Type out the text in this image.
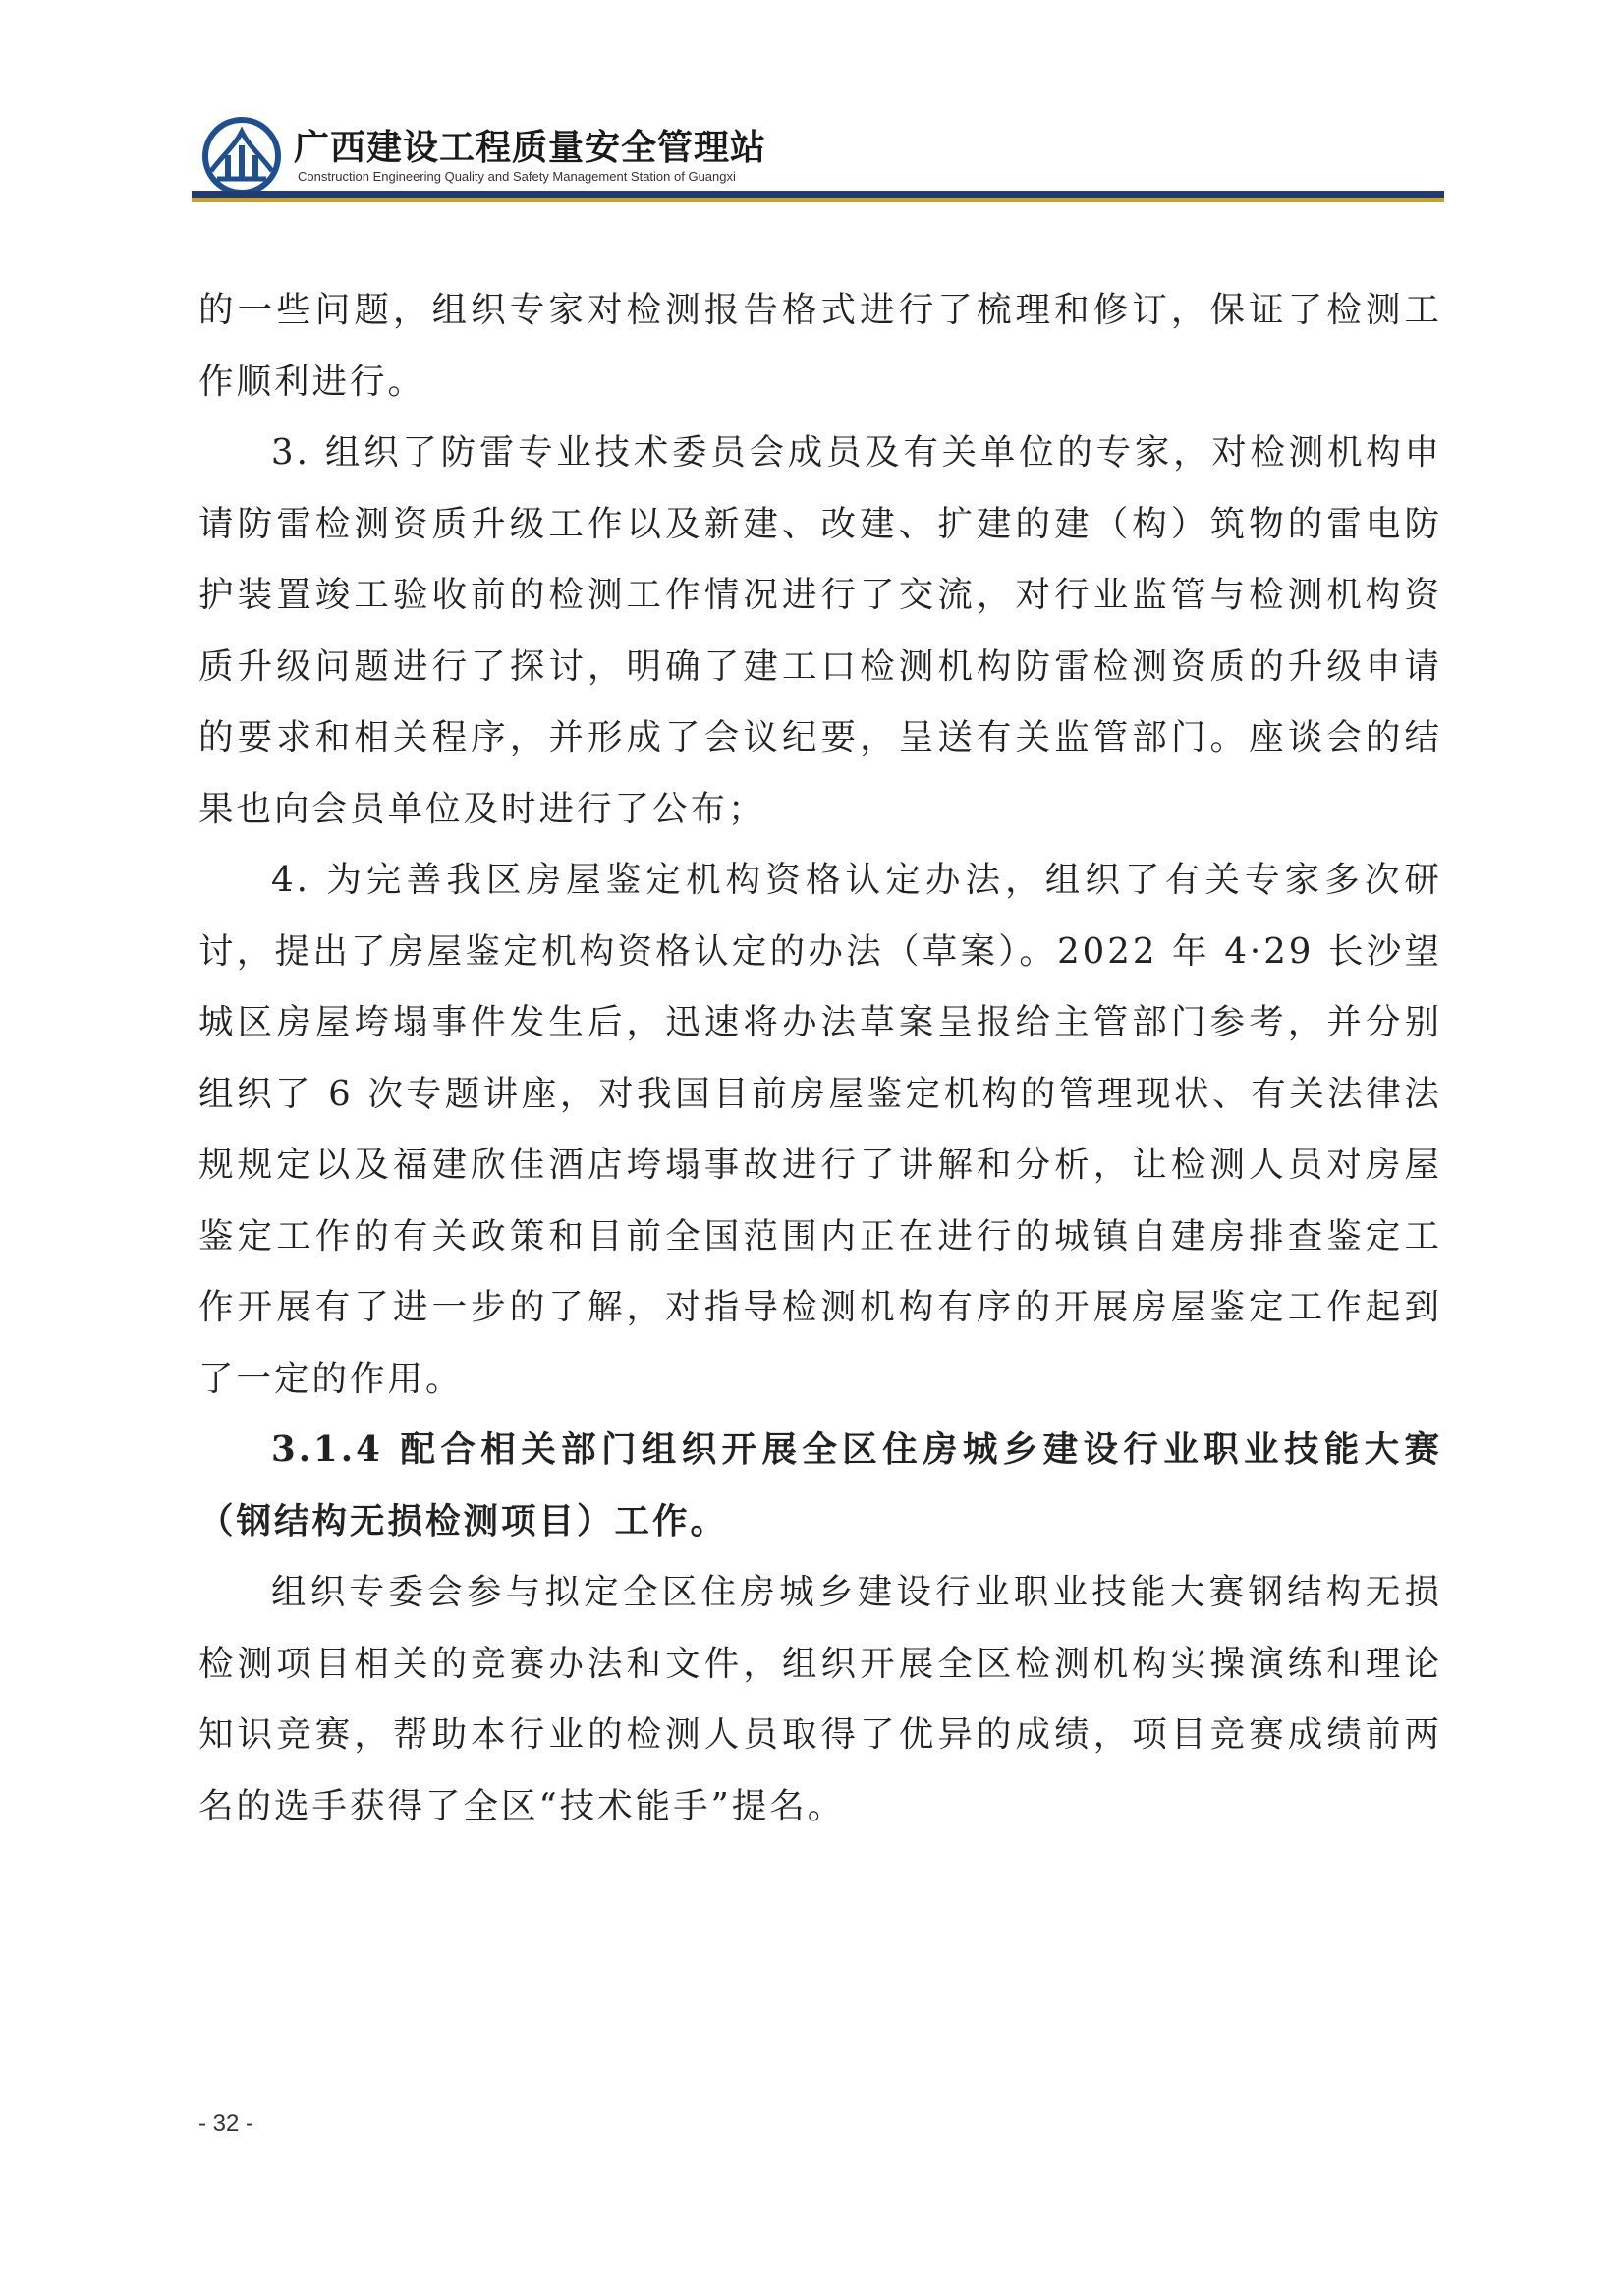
广西建设工程质量安全管理站
Construction Engineering Quality and Safety Management Station of Guangxi

的一些问题，组织专家对检测报告格式进行了梳理和修订，保证了检测工作顺利进行。

3. 组织了防雷专业技术委员会成员及有关单位的专家，对检测机构申请防雷检测资质升级工作以及新建、改建、扩建的建（构）筑物的雷电防护装置竣工验收前的检测工作情况进行了交流，对行业监管与检测机构资质升级问题进行了探讨，明确了建工口检测机构防雷检测资质的升级申请的要求和相关程序，并形成了会议纪要，呈送有关监管部门。座谈会的结果也向会员单位及时进行了公布；

4. 为完善我区房屋鉴定机构资格认定办法，组织了有关专家多次研讨，提出了房屋鉴定机构资格认定的办法（草案）。2022 年 4·29 长沙望城区房屋垮塌事件发生后，迅速将办法草案呈报给主管部门参考，并分别组织了 6 次专题讲座，对我国目前房屋鉴定机构的管理现状、有关法律法规规定以及福建欣佳酒店垮塌事故进行了讲解和分析，让检测人员对房屋鉴定工作的有关政策和目前全国范围内正在进行的城镇自建房排查鉴定工作开展有了进一步的了解，对指导检测机构有序的开展房屋鉴定工作起到了一定的作用。

3.1.4 配合相关部门组织开展全区住房城乡建设行业职业技能大赛（钢结构无损检测项目）工作。

组织专委会参与拟定全区住房城乡建设行业职业技能大赛钢结构无损检测项目相关的竞赛办法和文件，组织开展全区检测机构实操演练和理论知识竞赛，帮助本行业的检测人员取得了优异的成绩，项目竞赛成绩前两名的选手获得了全区“技术能手”提名。

- 32 -
